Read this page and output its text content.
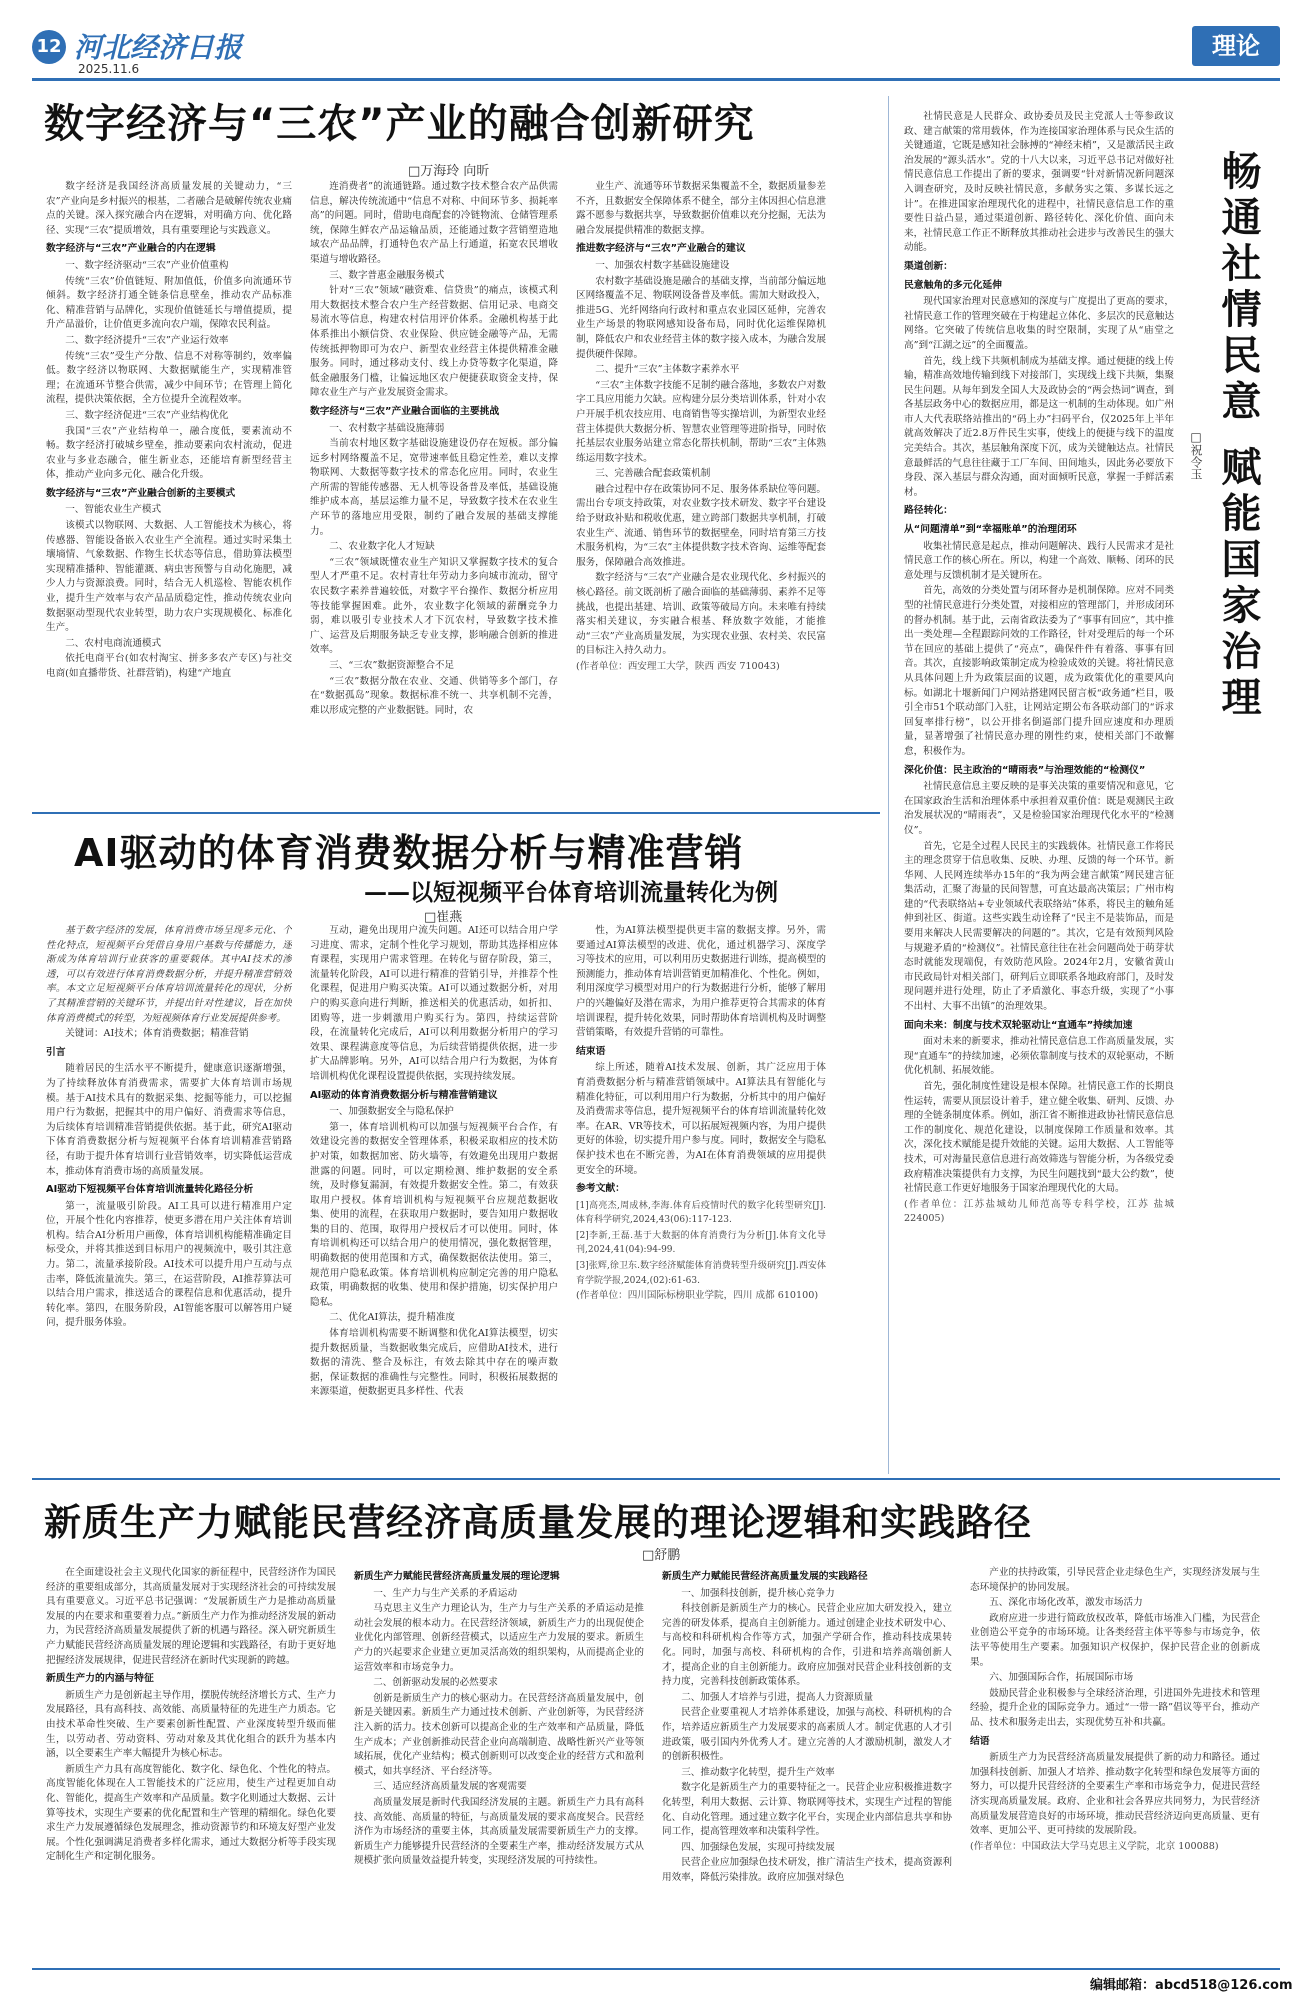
12 河北经济日报
2025.11.6
理论
数字经济与“三农”产业的融合创新研究
□万海玲 向昕

数字经济是我国经济高质量发展的关键动力，“三农”产业向是乡村振兴的根基，二者融合是破解传统农业痛点的关键。深入探究融合内在逻辑，对明确方向、优化路径、实现“三农”提质增效，具有重要理论与实践意义。

数字经济与“三农”产业融合的内在逻辑

一、数字经济驱动“三农”产业价值重构

传统“三农”价值链短、附加值低，价值多向流通环节倾斜。数字经济打通全链条信息壁垒，推动农产品标准化、精准营销与品牌化，实现价值链延长与增值提质，提升产品溢价，让价值更多流向农户端，保障农民利益。

二、数字经济提升“三农”产业运行效率

传统“三农”受生产分散、信息不对称等制约，效率偏低。数字经济以物联网、大数据赋能生产，实现精准管理；在流通环节整合供需，减少中间环节；在管理上简化流程，提供决策依据，全方位提升全流程效率。

三、数字经济促进“三农”产业结构优化

我国“三农”产业结构单一，融合度低，要素流动不畅。数字经济打破城乡壁垒，推动要素向农村流动，促进农业与多业态融合，催生新业态，还能培育新型经营主体，推动产业向多元化、融合化升级。

数字经济与“三农”产业融合创新的主要模式

一、智能农业生产模式

该模式以物联网、大数据、人工智能技术为核心，将传感器、智能设备嵌入农业生产全流程。通过实时采集土壤墒情、气象数据、作物生长状态等信息，借助算法模型实现精准播种、智能灌溉、病虫害预警与自动化施肥，减少人力与资源浪费。同时，结合无人机巡检、智能农机作业，提升生产效率与农产品品质稳定性，推动传统农业向数据驱动型现代农业转型，助力农户实现规模化、标准化生产。

二、农村电商流通模式

依托电商平台(如农村淘宝、拼多多农产专区)与社交电商(如直播带货、社群营销)，构建“产地直

连消费者”的流通链路。通过数字技术整合农产品供需信息，解决传统流通中“信息不对称、中间环节多、损耗率高”的问题。同时，借助电商配套的冷链物流、仓储管理系统，保障生鲜农产品运输品质，还能通过数字营销塑造地域农产品品牌，打通特色农产品上行通道，拓宽农民增收渠道与增收路径。

三、数字普惠金融服务模式

针对“三农”领域“融资难、信贷贵”的痛点，该模式利用大数据技术整合农户生产经营数据、信用记录、电商交易流水等信息，构建农村信用评价体系。金融机构基于此体系推出小额信贷、农业保险、供应链金融等产品，无需传统抵押物即可为农户、新型农业经营主体提供精准金融服务。同时，通过移动支付、线上办贷等数字化渠道，降低金融服务门槛，让偏远地区农户便捷获取资金支持，保障农业生产与产业发展资金需求。

数字经济与“三农”产业融合面临的主要挑战

一、农村数字基础设施薄弱

当前农村地区数字基础设施建设仍存在短板。部分偏远乡村网络覆盖不足，宽带速率低且稳定性差，难以支撑物联网、大数据等数字技术的常态化应用。同时，农业生产所需的智能传感器、无人机等设备普及率低，基础设施维护成本高，基层运维力量不足，导致数字技术在农业生产环节的落地应用受限，制约了融合发展的基础支撑能力。

二、农业数字化人才短缺

“三农”领域既懂农业生产知识又掌握数字技术的复合型人才严重不足。农村青壮年劳动力多向城市流动，留守农民数字素养普遍较低，对数字平台操作、数据分析应用等技能掌握困难。此外，农业数字化领域的薪酬竞争力弱，难以吸引专业技术人才下沉农村，导致数字技术推广、运营及后期服务缺乏专业支撑，影响融合创新的推进效率。

三、“三农”数据资源整合不足

“三农”数据分散在农业、交通、供销等多个部门，存在“数据孤岛”现象。数据标准不统一、共享机制不完善，难以形成完整的产业数据链。同时，农

业生产、流通等环节数据采集覆盖不全，数据质量参差不齐，且数据安全保障体系不健全，部分主体因担心信息泄露不愿参与数据共享，导致数据价值难以充分挖掘，无法为融合发展提供精准的数据支撑。

推进数字经济与“三农”产业融合的建议

一、加强农村数字基础设施建设

农村数字基础设施是融合的基础支撑，当前部分偏远地区网络覆盖不足、物联网设备普及率低。需加大财政投入，推进5G、光纤网络向行政村和重点农业园区延伸，完善农业生产场景的物联网感知设备布局，同时优化运维保障机制，降低农户和农业经营主体的数字接入成本，为融合发展提供硬件保障。

二、提升“三农”主体数字素养水平

“三农”主体数字技能不足制约融合落地，多数农户对数字工具应用能力欠缺。应构建分层分类培训体系，针对小农户开展手机农技应用、电商销售等实操培训，为新型农业经营主体提供大数据分析、智慧农业管理等进阶指导，同时依托基层农业服务站建立常态化帮扶机制，帮助“三农”主体熟练运用数字技术。

三、完善融合配套政策机制

融合过程中存在政策协同不足、服务体系缺位等问题。需出台专项支持政策，对农业数字技术研发、数字平台建设给予财政补贴和税收优惠，建立跨部门数据共享机制，打破农业生产、流通、销售环节的数据壁垒，同时培育第三方技术服务机构，为“三农”主体提供数字技术咨询、运维等配套服务，保障融合高效推进。

数字经济与“三农”产业融合是农业现代化、乡村振兴的核心路径。前文既剖析了融合面临的基础薄弱、素养不足等挑战，也提出基建、培训、政策等破局方向。未来唯有持续落实相关建议，夯实融合根基、释放数字效能，才能推动“三农”产业高质量发展，为实现农业强、农村美、农民富的目标注入持久动力。

(作者单位：西安理工大学，陕西 西安 710043)	畅通社情民意 赋能国家治理
□祝令玉

社情民意是人民群众、政协委员及民主党派人士等参政议政、建言献策的常用载体，作为连接国家治理体系与民众生活的关键通道，它既是感知社会脉搏的“神经末梢”，又是激活民主政治发展的“源头活水”。党的十八大以来，习近平总书记对做好社情民意信息工作提出了新的要求，强调要“针对新情况新问题深入调查研究，及时反映社情民意，多献务实之策、多谋长远之计”。在推进国家治理现代化的进程中，社情民意信息工作的重要性日益凸显，通过渠道创新、路径转化、深化价值、面向未来，社情民意工作正不断释放其推动社会进步与改善民生的强大动能。

渠道创新：
民意触角的多元化延伸

现代国家治理对民意感知的深度与广度提出了更高的要求，社情民意工作的管理突破在于构建起立体化、多层次的民意触达网络。它突破了传统信息收集的时空限制，实现了从“庙堂之高”到“江湖之远”的全面覆盖。

首先，线上线下共频机制成为基础支撑。通过便捷的线上传输，精准高效地传输到线下对接部门，实现线上线下共频，集聚民生问题。从每年到发全国人大及政协会的“两会热词”调查，到各基层政务中心的数据应用，都是这一机制的生动体现。如广州市人大代表联络站推出的“码上办”扫码平台，仅2025年上半年就高效解决了近2.8万件民生实事，使线上的便捷与线下的温度完美结合。其次，基层触角深度下沉，成为关键触达点。社情民意最鲜活的气息往往藏于工厂车间、田间地头，因此务必要放下身段、深入基层与群众沟通，面对面倾听民意，掌握一手鲜活素材。

路径转化：
从“问题清单”到“幸福账单”的治理闭环

收集社情民意是起点，推动问题解决、践行人民需求才是社情民意工作的核心所在。所以，构建一个高效、顺畅、闭环的民意处理与反馈机制才是关键所在。

首先，高效的分类处置与闭环督办是机制保障。应对不同类型的社情民意进行分类处置，对接相应的管理部门，并形成闭环的督办机制。基于此，云南省政法委为了“事事有回应”，其中推出一类处理—全程跟踪问效的工作路径，针对受理后的每一个环节在回应的基础上提供了“亮点”，确保件件有着落、事事有回音。其次，直接影响政策制定成为检验成效的关键。将社情民意从具体问题上升为政策层面的议题，成为政策优化的重要风向标。如湖北十堰新闻门户网站搭建网民留言板“政务通”栏目，吸引全市51个联动部门入驻，让网站定期公布各联动部门的“诉求回复率排行榜”，以公开排名倒逼部门提升回应速度和办理质量，显著增强了社情民意办理的刚性约束，使相关部门不敢懈怠，积极作为。

深化价值：民主政治的“晴雨表”与治理效能的“检测仪”

社情民意信息主要反映的是事关决策的重要情况和意见，它在国家政治生活和治理体系中承担着双重价值：既是观测民主政治发展状况的“晴雨表”，又是检验国家治理现代化水平的“检测仪”。

首先，它是全过程人民民主的实践载体。社情民意工作将民主的理念贯穿于信息收集、反映、办理、反馈的每一个环节。新华网、人民网连续举办15年的“我为两会建言献策”网民建言征集活动，汇聚了海量的民间智慧，可直达最高决策层；广州市构建的“代表联络站+专业领域代表联络站”体系，将民主的触角延伸到社区、街道。这些实践生动诠释了“民主不是装饰品，而是要用来解决人民需要解决的问题的”。其次，它是有效预判风险与规避矛盾的“检测仪”。社情民意往往在社会问题尚处于萌芽状态时就能发现端倪，有效防范风险。2024年2月，安徽省黄山市民政局针对相关部门，研判后立即联系各地政府部门，及时发现问题并进行处理，防止了矛盾激化、事态升级，实现了“小事不出村、大事不出镇”的治理效果。

面向未来：制度与技术双轮驱动让“直通车”持续加速

面对未来的新要求，推动社情民意信息工作高质量发展，实现“直通车”的持续加速，必须依靠制度与技术的双轮驱动，不断优化机制、拓展效能。

首先，强化制度性建设是根本保障。社情民意工作的长期良性运转，需要从顶层设计着手，建立健全收集、研判、反馈、办理的全链条制度体系。例如，浙江省不断推进政协社情民意信息工作的制度化、规范化建设，以制度保障工作质量和效率。其次，深化技术赋能是提升效能的关键。运用大数据、人工智能等技术，可对海量民意信息进行高效筛选与智能分析，为各级党委政府精准决策提供有力支撑，为民生问题找到“最大公约数”，使社情民意工作更好地服务于国家治理现代化的大局。

(作者单位：江苏盐城幼儿师范高等专科学校，江苏 盐城 224005)

AI驱动的体育消费数据分析与精准营销
——以短视频平台体育培训流量转化为例
□崔燕

基于数字经济的发展，体育消费市场呈现多元化、个性化特点，短视频平台凭借自身用户基数与传播能力，逐渐成为体育培训行业获客的重要载体。其中AI技术的渗透，可以有效进行体育消费数据分析，并提升精准营销效率。本文立足短视频平台体育培训流量转化的现状，分析了其精准营销的关键环节，并提出针对性建议，旨在加快体育消费模式的转型，为短视频体育行业发展提供参考。

关键词：AI技术；体育消费数据；精准营销

引言

随着居民的生活水平不断提升，健康意识逐渐增强，为了持续释放体育消费需求，需要扩大体育培训市场规模。基于AI技术具有的数据采集、挖掘等能力，可以挖掘用户行为数据，把握其中的用户偏好、消费需求等信息，为后续体育培训精准营销提供依据。基于此，研究AI驱动下体育消费数据分析与短视频平台体育培训精准营销路径，有助于提升体育培训行业营销效率，切实降低运营成本，推动体育消费市场的高质量发展。

AI驱动下短视频平台体育培训流量转化路径分析

第一，流量吸引阶段。AI工具可以进行精准用户定位，开展个性化内容推荐，使更多潜在用户关注体育培训机构。结合AI分析用户画像，体育培训机构能精准确定目标受众，并将其推送到目标用户的视频流中，吸引其注意力。第二，流量承接阶段。AI技术可以提升用户互动与点击率，降低流量流失。第三，在运营阶段，AI推荐算法可以结合用户需求，推送适合的课程信息和优惠活动，提升转化率。第四，在服务阶段，AI智能客服可以解答用户疑问，提升服务体验。

互动，避免出现用户流失问题。AI还可以结合用户学习进度、需求，定制个性化学习规划，帮助其选择相应体育课程，实现用户需求管理。在转化与留存阶段，第三，流量转化阶段，AI可以进行精准的营销引导，并推荐个性化课程，促进用户购买决策。AI可以通过数据分析，对用户的购买意向进行判断，推送相关的优惠活动，如折扣、团购等，进一步刺激用户购买行为。第四，持续运营阶段，在流量转化完成后，AI可以利用数据分析用户的学习效果、课程满意度等信息，为后续营销提供依据，进一步扩大品牌影响。另外，AI可以结合用户行为数据，为体育培训机构优化课程设置提供依据，实现持续发展。

AI驱动的体育消费数据分析与精准营销建议

一、加强数据安全与隐私保护

第一，体育培训机构可以加强与短视频平台合作，有效建设完善的数据安全管理体系，积极采取相应的技术防护对策，如数据加密、防火墙等，有效避免出现用户数据泄露的问题。同时，可以定期检测、维护数据的安全系统，及时修复漏洞，有效提升数据安全性。第二，有效获取用户授权。体育培训机构与短视频平台应规范数据收集、使用的流程，在获取用户数据时，要告知用户数据收集的目的、范围，取得用户授权后才可以使用。同时，体育培训机构还可以结合用户的使用情况，强化数据管理，明确数据的使用范围和方式，确保数据依法使用。第三，规范用户隐私政策。体育培训机构应制定完善的用户隐私政策，明确数据的收集、使用和保护措施，切实保护用户隐私。

二、优化AI算法，提升精准度

体育培训机构需要不断调整和优化AI算法模型，切实提升数据质量，当数据收集完成后，应借助AI技术，进行数据的清洗、整合及标注，有效去除其中存在的噪声数据，保证数据的准确性与完整性。同时，积极拓展数据的来源渠道，便数据更具多样性、代表

性，为AI算法模型提供更丰富的数据支撑。另外，需要通过AI算法模型的改进、优化，通过机器学习、深度学习等技术的应用，可以利用历史数据进行训练，提高模型的预测能力，推动体育培训营销更加精准化、个性化。例如，利用深度学习模型对用户的行为数据进行分析，能够了解用户的兴趣偏好及潜在需求，为用户推荐更符合其需求的体育培训课程，提升转化效果，同时帮助体育培训机构及时调整营销策略，有效提升营销的可靠性。

结束语

综上所述，随着AI技术发展、创新，其广泛应用于体育消费数据分析与精准营销领域中。AI算法具有智能化与精准化特征，可以利用用户行为数据，分析其中的用户偏好及消费需求等信息，提升短视频平台的体育培训流量转化效率。在AR、VR等技术，可以拓展短视频内容，为用户提供更好的体验，切实提升用户参与度。同时，数据安全与隐私保护技术也在不断完善，为AI在体育消费领域的应用提供更安全的环境。

参考文献：

[1]高亮杰,周成林,李海.体育后疫情时代的数字化转型研究[J].体育科学研究,2024,43(06):117-123.

[2]李新,王磊.基于大数据的体育消费行为分析[J].体育文化导刊,2024,41(04):94-99.

[3]张辉,徐卫东.数字经济赋能体育消费转型升级研究[J].西安体育学院学报,2024,(02):61-63.

(作者单位：四川国际标榜职业学院，四川 成都 610100)

新质生产力赋能民营经济高质量发展的理论逻辑和实践路径
□舒鹏

在全面建设社会主义现代化国家的新征程中，民营经济作为国民经济的重要组成部分，其高质量发展对于实现经济社会的可持续发展具有重要意义。习近平总书记强调：“发展新质生产力是推动高质量发展的内在要求和重要着力点。”新质生产力作为推动经济发展的新动力，为民营经济高质量发展提供了新的机遇与路径。深入研究新质生产力赋能民营经济高质量发展的理论逻辑和实践路径，有助于更好地把握经济发展规律，促进民营经济在新时代实现新的跨越。

新质生产力的内涵与特征

新质生产力是创新起主导作用，摆脱传统经济增长方式、生产力发展路径，具有高科技、高效能、高质量特征的先进生产力质态。它由技术革命性突破、生产要素创新性配置、产业深度转型升级而催生，以劳动者、劳动资料、劳动对象及其优化组合的跃升为基本内涵，以全要素生产率大幅提升为核心标志。

新质生产力具有高度智能化、数字化、绿色化、个性化的特点。高度智能化体现在人工智能技术的广泛应用，使生产过程更加自动化、智能化，提高生产效率和产品质量。数字化则通过大数据、云计算等技术，实现生产要素的优化配置和生产管理的精细化。绿色化要求生产力发展遵循绿色发展理念，推动资源节约和环境友好型产业发展。个性化强调满足消费者多样化需求，通过大数据分析等手段实现定制化生产和定制化服务。

新质生产力赋能民营经济高质量发展的理论逻辑

一、生产力与生产关系的矛盾运动

马克思主义生产力理论认为，生产力与生产关系的矛盾运动是推动社会发展的根本动力。在民营经济领域，新质生产力的出现促使企业优化内部管理、创新经营模式，以适应生产力发展的要求。新质生产力的兴起要求企业建立更加灵活高效的组织架构，从而提高企业的运营效率和市场竞争力。

二、创新驱动发展的必然要求

创新是新质生产力的核心驱动力。在民营经济高质量发展中，创新是关键因素。新质生产力通过技术创新、产业创新等，为民营经济注入新的活力。技术创新可以提高企业的生产效率和产品质量，降低生产成本；产业创新推动民营企业向高端制造、战略性新兴产业等领域拓展，优化产业结构；模式创新则可以改变企业的经营方式和盈利模式，如共享经济、平台经济等。

三、适应经济高质量发展的客观需要

高质量发展是新时代我国经济发展的主题。新质生产力具有高科技、高效能、高质量的特征，与高质量发展的要求高度契合。民营经济作为市场经济的重要主体，其高质量发展需要新质生产力的支撑。新质生产力能够提升民营经济的全要素生产率，推动经济发展方式从规模扩张向质量效益提升转变，实现经济发展的可持续性。

新质生产力赋能民营经济高质量发展的实践路径

一、加强科技创新，提升核心竞争力

科技创新是新质生产力的核心。民营企业应加大研发投入，建立完善的研发体系，提高自主创新能力。通过创建企业技术研发中心、与高校和科研机构合作等方式，加强产学研合作，推动科技成果转化。同时，加强与高校、科研机构的合作，引进和培养高端创新人才，提高企业的自主创新能力。政府应加强对民营企业科技创新的支持力度，完善科技创新政策体系。

二、加强人才培养与引进，提高人力资源质量

民营企业要重视人才培养体系建设，加强与高校、科研机构的合作，培养适应新质生产力发展要求的高素质人才。制定优惠的人才引进政策，吸引国内外优秀人才。建立完善的人才激励机制，激发人才的创新积极性。

三、推动数字化转型，提升生产效率

数字化是新质生产力的重要特征之一。民营企业应积极推进数字化转型，利用大数据、云计算、物联网等技术，实现生产过程的智能化、自动化管理。通过建立数字化平台，实现企业内部信息共享和协同工作，提高管理效率和决策科学性。

四、加强绿色发展，实现可持续发展

民营企业应加强绿色技术研发，推广清洁生产技术，提高资源利用效率，降低污染排放。政府应加强对绿色

产业的扶持政策，引导民营企业走绿色生产，实现经济发展与生态环境保护的协同发展。

五、深化市场化改革，激发市场活力

政府应进一步进行简政放权改革，降低市场准入门槛，为民营企业创造公平竞争的市场环境。让各类经营主体平等参与市场竞争，依法平等使用生产要素。加强知识产权保护，保护民营企业的创新成果。

六、加强国际合作，拓展国际市场

鼓励民营企业积极参与全球经济治理，引进国外先进技术和管理经验，提升企业的国际竞争力。通过“一带一路”倡议等平台，推动产品、技术和服务走出去，实现优势互补和共赢。

结语

新质生产力为民营经济高质量发展提供了新的动力和路径。通过加强科技创新、加强人才培养、推动数字化转型和绿色发展等方面的努力，可以提升民营经济的全要素生产率和市场竞争力，促进民营经济实现高质量发展。政府、企业和社会各界应共同努力，为民营经济高质量发展营造良好的市场环境，推动民营经济迈向更高质量、更有效率、更加公平、更可持续的发展阶段。

(作者单位：中国政法大学马克思主义学院，北京 100088)

编辑邮箱：abcd518@126.com
